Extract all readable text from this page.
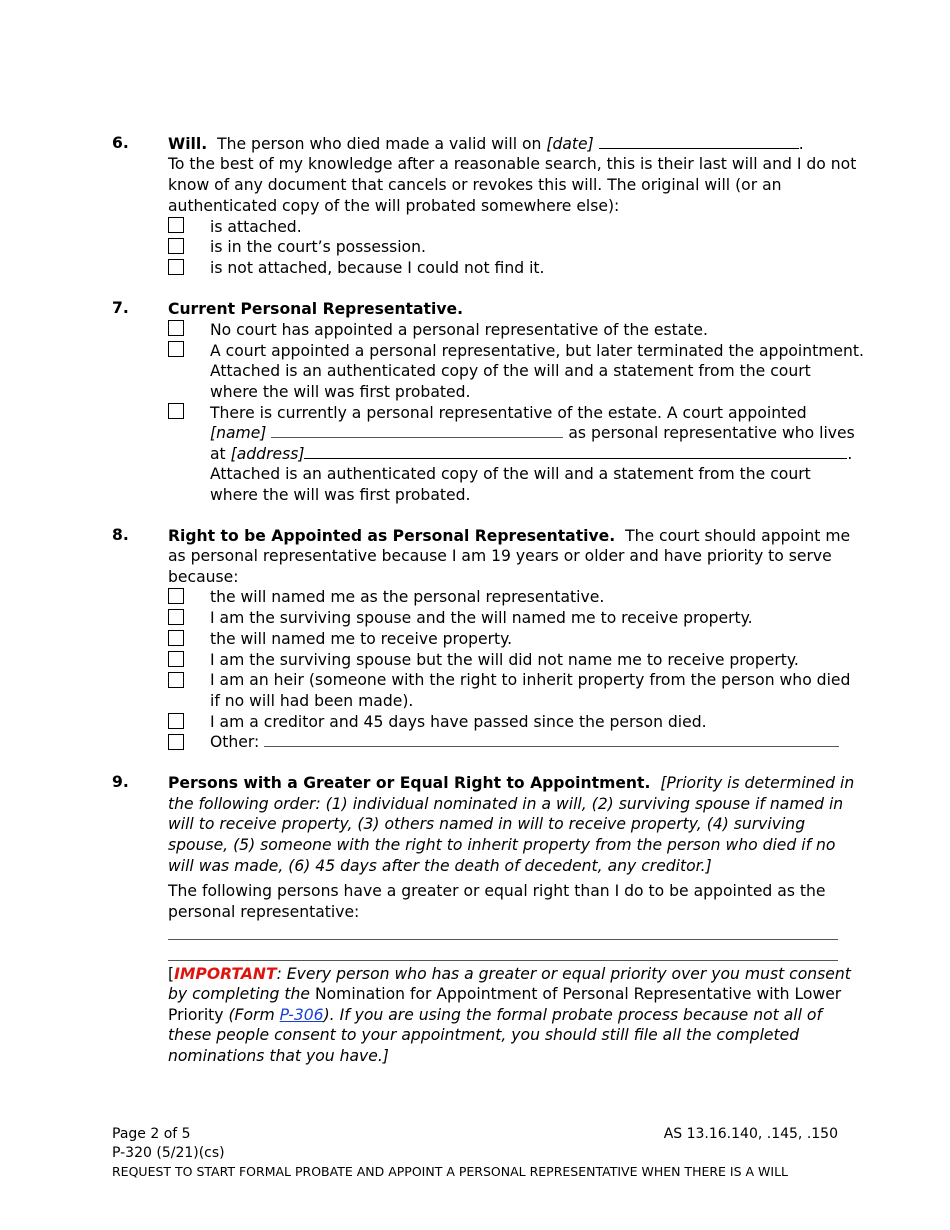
6.	Will. The person who died made a valid will on [date]	.
To the best of my knowledge after a reasonable search, this is their last will and I do not
know of any document that cancels or revokes this will. The original will (or an
authenticated copy of the will probated somewhere else):
is attached.
is in the court’s possession.
is not attached, because I could not find it.
7.	Current Personal Representative.
No court has appointed a personal representative of the estate.
A court appointed a personal representative, but later terminated the appointment.
Attached is an authenticated copy of the will and a statement from the court
where the will was first probated.
There is currently a personal representative of the estate. A court appointed
[name]	as personal representative who lives
at [address]	.
Attached is an authenticated copy of the will and a statement from the court
where the will was first probated.
8.	Right to be Appointed as Personal Representative. The court should appoint me
as personal representative because I am 19 years or older and have priority to serve
because:
the will named me as the personal representative.
I am the surviving spouse and the will named me to receive property.
the will named me to receive property.
I am the surviving spouse but the will did not name me to receive property.
I am an heir (someone with the right to inherit property from the person who died
if no will had been made).
I am a creditor and 45 days have passed since the person died.
Other:
9.	Persons with a Greater or Equal Right to Appointment. [Priority is determined in
the following order: (1) individual nominated in a will, (2) surviving spouse if named in
will to receive property, (3) others named in will to receive property, (4) surviving
spouse, (5) someone with the right to inherit property from the person who died if no
will was made, (6) 45 days after the death of decedent, any creditor.]
The following persons have a greater or equal right than I do to be appointed as the
personal representative:
[IMPORTANT: Every person who has a greater or equal priority over you must consent
by completing the Nomination for Appointment of Personal Representative with Lower
Priority (Form P-306). If you are using the formal probate process because not all of
these people consent to your appointment, you should still file all the completed
nominations that you have.]
Page 2 of 5	AS 13.16.140, .145, .150
P-320 (5/21)(cs)
REQUEST TO START FORMAL PROBATE AND APPOINT A PERSONAL REPRESENTATIVE WHEN THERE IS A WILL
